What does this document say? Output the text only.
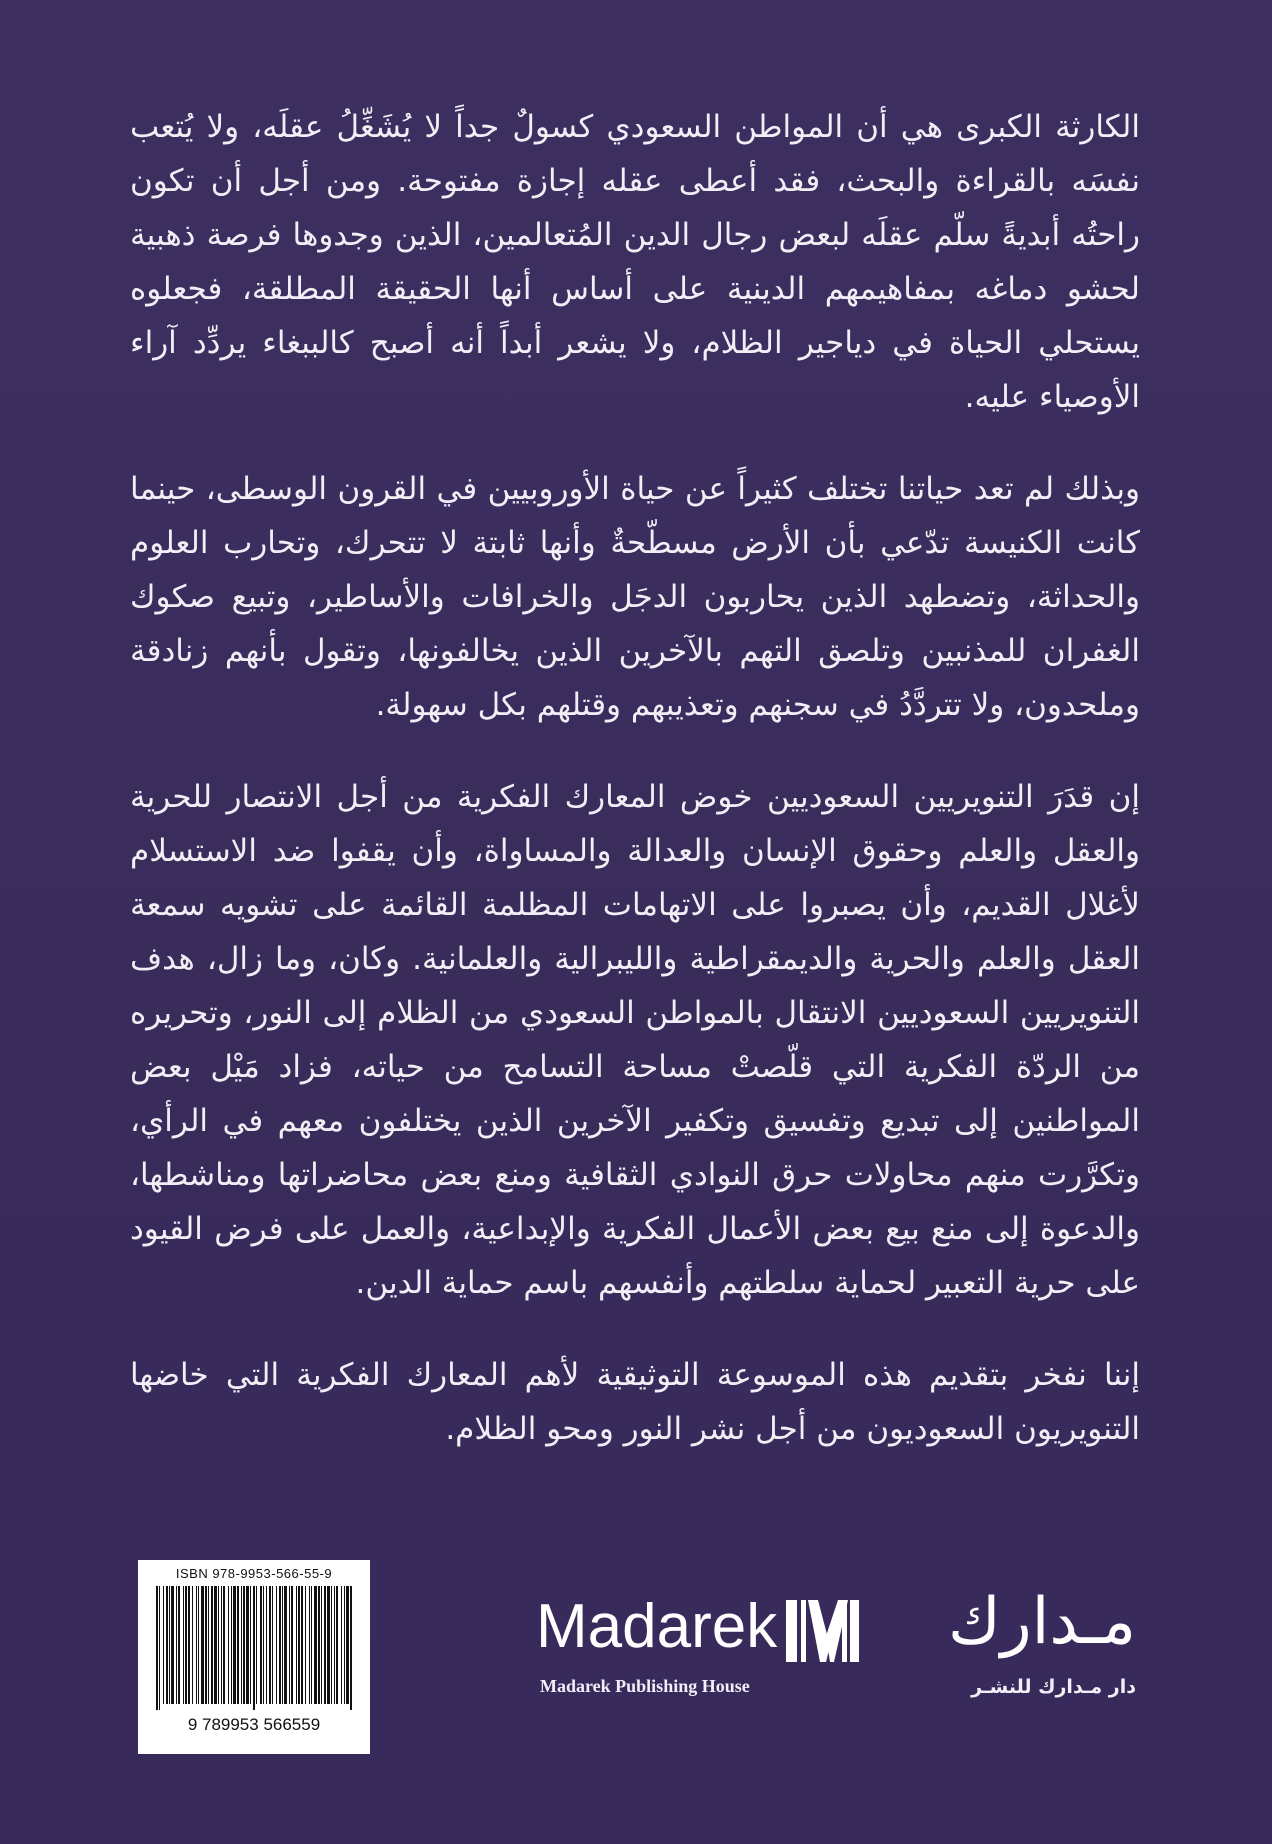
الكارثة الكبرى هي أن المواطن السعودي كسولٌ جداً لا يُشَغِّلُ عقلَه، ولا يُتعب نفسَه بالقراءة والبحث، فقد أعطى عقله إجازة مفتوحة. ومن أجل أن تكون راحتُه أبديةً سلّم عقلَه لبعض رجال الدين المُتعالمين، الذين وجدوها فرصة ذهبية لحشو دماغه بمفاهيمهم الدينية على أساس أنها الحقيقة المطلقة، فجعلوه يستحلي الحياة في دياجير الظلام، ولا يشعر أبداً أنه أصبح كالببغاء يردِّد آراء الأوصياء عليه.

وبذلك لم تعد حياتنا تختلف كثيراً عن حياة الأوروبيين في القرون الوسطى، حينما كانت الكنيسة تدّعي بأن الأرض مسطّحةٌ وأنها ثابتة لا تتحرك، وتحارب العلوم والحداثة، وتضطهد الذين يحاربون الدجَل والخرافات والأساطير، وتبيع صكوك الغفران للمذنبين وتلصق التهم بالآخرين الذين يخالفونها، وتقول بأنهم زنادقة وملحدون، ولا تتردَّدُ في سجنهم وتعذيبهم وقتلهم بكل سهولة.

إن قدَرَ التنويريين السعوديين خوض المعارك الفكرية من أجل الانتصار للحرية والعقل والعلم وحقوق الإنسان والعدالة والمساواة، وأن يقفوا ضد الاستسلام لأغلال القديم، وأن يصبروا على الاتهامات المظلمة القائمة على تشويه سمعة العقل والعلم والحرية والديمقراطية والليبرالية والعلمانية. وكان، وما زال، هدف التنويريين السعوديين الانتقال بالمواطن السعودي من الظلام إلى النور، وتحريره من الردّة الفكرية التي قلّصتْ مساحة التسامح من حياته، فزاد مَيْل بعض المواطنين إلى تبديع وتفسيق وتكفير الآخرين الذين يختلفون معهم في الرأي، وتكرَّرت منهم محاولات حرق النوادي الثقافية ومنع بعض محاضراتها ومناشطها، والدعوة إلى منع بيع بعض الأعمال الفكرية والإبداعية، والعمل على فرض القيود على حرية التعبير لحماية سلطتهم وأنفسهم باسم حماية الدين.

إننا نفخر بتقديم هذه الموسوعة التوثيقية لأهم المعارك الفكرية التي خاضها التنويريون السعوديون من أجل نشر النور ومحو الظلام.

ISBN 978-9953-566-55-9
9 789953 566559
Madarek
Madarek Publishing House
مـدارك
دار مـدارك للنشـر
